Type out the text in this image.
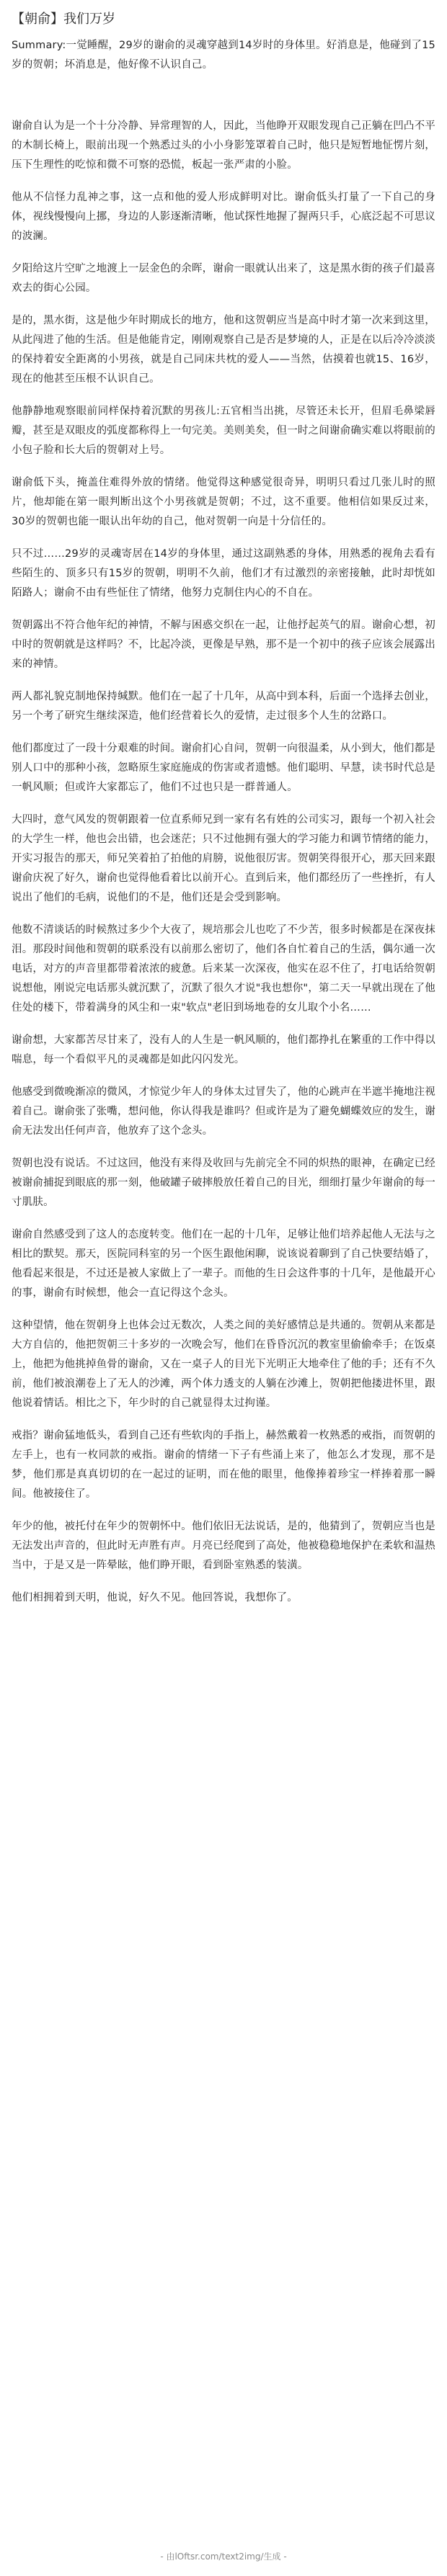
【朝俞】我们万岁
Summary:一觉睡醒，29岁的谢俞的灵魂穿越到14岁时的身体里。好消息是，他碰到了15岁的贺朝；坏消息是，他好像不认识自己。
谢俞自认为是一个十分冷静、异常理智的人，因此，当他睁开双眼发现自己正躺在凹凸不平的木制长椅上，眼前出现一个熟悉过头的小小身影笼罩着自己时，他只是短暂地怔愣片刻，压下生理性的吃惊和微不可察的恐慌，板起一张严肃的小脸。
他从不信怪力乱神之事，这一点和他的爱人形成鲜明对比。谢俞低头打量了一下自己的身体，视线慢慢向上挪，身边的人影逐渐清晰，他试探性地握了握两只手，心底泛起不可思议的波澜。
夕阳给这片空旷之地渡上一层金色的余晖，谢俞一眼就认出来了，这是黑水街的孩子们最喜欢去的街心公园。
是的，黑水街，这是他少年时期成长的地方，他和这贺朝应当是高中时才第一次来到这里，从此闯进了他的生活。但是他能肯定，刚刚观察自己是否是梦境的人，正是在以后冷冷淡淡的保持着安全距离的小男孩，就是自己同床共枕的爱人——当然，估摸着也就15、16岁，现在的他甚至压根不认识自己。
他静静地观察眼前同样保持着沉默的男孩儿:五官相当出挑，尽管还未长开，但眉毛鼻梁唇瓣，甚至是双眼皮的弧度都称得上一句完美。美则美矣，但一时之间谢俞确实难以将眼前的小包子脸和长大后的贺朝对上号。
谢俞低下头，掩盖住难得外放的情绪。他觉得这种感觉很奇异，明明只看过几张儿时的照片，他却能在第一眼判断出这个小男孩就是贺朝；不过，这不重要。他相信如果反过来，30岁的贺朝也能一眼认出年幼的自己，他对贺朝一向是十分信任的。
只不过……29岁的灵魂寄居在14岁的身体里，通过这副熟悉的身体，用熟悉的视角去看有些陌生的、顶多只有15岁的贺朝，明明不久前，他们才有过激烈的亲密接触，此时却恍如陌路人；谢俞不由有些怔住了情绪，他努力克制住内心的不自在。
贺朝露出不符合他年纪的神情，不解与困惑交织在一起，让他抒起英气的眉。谢俞心想，初中时的贺朝就是这样吗？不，比起冷淡，更像是早熟，那不是一个初中的孩子应该会展露出来的神情。
两人都礼貌克制地保持缄默。他们在一起了十几年，从高中到本科，后面一个选择去创业，另一个考了研究生继续深造，他们经营着长久的爱情，走过很多个人生的岔路口。
他们都度过了一段十分艰难的时间。谢俞扪心自问，贺朝一向很温柔，从小到大，他们都是别人口中的那种小孩，忽略原生家庭施成的伤害或者遗憾。他们聪明、早慧，读书时代总是一帆风顺；但或许大家都忘了，他们不过也只是一群普通人。
大四时，意气风发的贺朝跟着一位直系师兄到一家有名有姓的公司实习，跟每一个初入社会的大学生一样，他也会出错，也会迷茫；只不过他拥有强大的学习能力和调节情绪的能力，开实习报告的那天，师兄笑着拍了拍他的肩膀，说他很厉害。贺朝笑得很开心，那天回来跟谢俞庆祝了好久，谢俞也觉得他看着比以前开心。直到后来，他们都经历了一些挫折，有人说出了他们的毛病，说他们的不是，他们还是会受到影响。
他数不清谈话的时候熬过多少个大夜了，规培那会儿也吃了不少苦，很多时候都是在深夜抹泪。那段时间他和贺朝的联系没有以前那么密切了，他们各自忙着自己的生活，偶尔通一次电话，对方的声音里都带着浓浓的疲惫。后来某一次深夜，他实在忍不住了，打电话给贺朝说想他，刚说完电话那头就沉默了，沉默了很久才说"我也想你"，第二天一早就出现在了他住处的楼下，带着满身的风尘和一束"软点"老旧到场地卷的女儿取个小名……
谢俞想，大家都苦尽甘来了，没有人的人生是一帆风顺的，他们都挣扎在繁重的工作中得以喘息，每一个看似平凡的灵魂都是如此闪闪发光。
他感受到微晚渐凉的微风，才惊觉少年人的身体太过冒失了，他的心跳声在半遮半掩地注视着自己。谢俞张了张嘴，想问他，你认得我是谁吗？但或许是为了避免蝴蝶效应的发生，谢俞无法发出任何声音，他放弃了这个念头。
贺朝也没有说话。不过这回，他没有来得及收回与先前完全不同的炽热的眼神，在确定已经被谢俞捕捉到眼底的那一刻，他破罐子破摔般放任着自己的目光，细细打量少年谢俞的每一寸肌肤。
谢俞自然感受到了这人的态度转变。他们在一起的十几年，足够让他们培养起他人无法与之相比的默契。那天，医院同科室的另一个医生跟他闲聊，说该说着聊到了自己快要结婚了，他看起来很是，不过还是被人家做上了一辈子。而他的生日会这件事的十几年，是他最开心的事，谢俞有时候想，他会一直记得这个念头。
这种望情，他在贺朝身上也体会过无数次，人类之间的美好感情总是共通的。贺朝从来都是大方自信的，他把贺朝三十多岁的一次晚会写，他们在昏昏沉沉的教室里偷偷牵手；在饭桌上，他把为他挑掉鱼骨的谢俞，又在一桌子人的目光下光明正大地牵住了他的手；还有不久前，他们被浪潮卷上了无人的沙滩，两个体力透支的人躺在沙滩上，贺朝把他搂进怀里，跟他说着情话。相比之下，年少时的自己就显得太过拘谨。
戒指？谢俞猛地低头，看到自己还有些软肉的手指上，赫然戴着一枚熟悉的戒指，而贺朝的左手上，也有一枚同款的戒指。谢俞的情绪一下子有些涌上来了，他怎么才发现，那不是梦，他们那是真真切切的在一起过的证明，而在他的眼里，他像捧着珍宝一样捧着那一瞬间。他被接住了。
年少的他，被托付在年少的贺朝怀中。他们依旧无法说话，是的，他猜到了，贺朝应当也是无法发出声音的，但此时无声胜有声。月亮已经爬到了高处，他被稳稳地保护在柔软和温热当中，于是又是一阵晕眩，他们睁开眼，看到卧室熟悉的装潢。
他们相拥着到天明，他说，好久不见。他回答说，我想你了。
- 由lOftsr.com/text2img/生成 -
